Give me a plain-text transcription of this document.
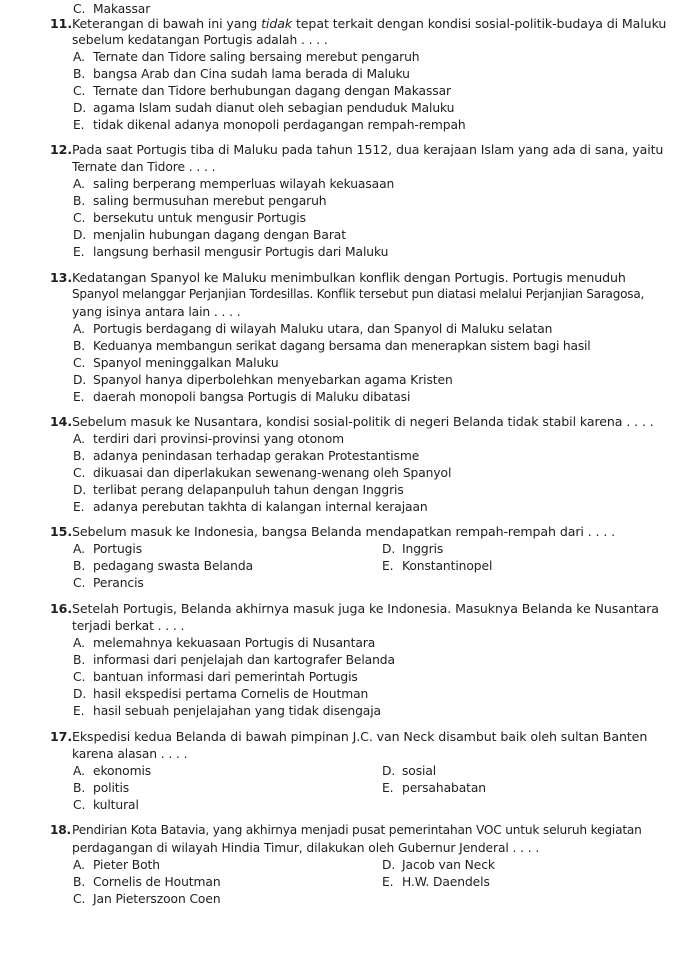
C. Makassar
11.Keterangan di bawah ini yang tidak tepat terkait dengan kondisi sosial-politik-budaya di Maluku
sebelum kedatangan Portugis adalah . . . .
A. Ternate dan Tidore saling bersaing merebut pengaruh
B. bangsa Arab dan Cina sudah lama berada di Maluku
C. Ternate dan Tidore berhubungan dagang dengan Makassar
D. agama Islam sudah dianut oleh sebagian penduduk Maluku
E. tidak dikenal adanya monopoli perdagangan rempah-rempah
12.Pada saat Portugis tiba di Maluku pada tahun 1512, dua kerajaan Islam yang ada di sana, yaitu
Ternate dan Tidore . . . .
A. saling berperang memperluas wilayah kekuasaan
B. saling bermusuhan merebut pengaruh
C. bersekutu untuk mengusir Portugis
D. menjalin hubungan dagang dengan Barat
E. langsung berhasil mengusir Portugis dari Maluku
13.Kedatangan Spanyol ke Maluku menimbulkan konflik dengan Portugis. Portugis menuduh
Spanyol melanggar Perjanjian Tordesillas. Konflik tersebut pun diatasi melalui Perjanjian Saragosa,
yang isinya antara lain . . . .
A. Portugis berdagang di wilayah Maluku utara, dan Spanyol di Maluku selatan
B. Keduanya membangun serikat dagang bersama dan menerapkan sistem bagi hasil
C. Spanyol meninggalkan Maluku
D. Spanyol hanya diperbolehkan menyebarkan agama Kristen
E. daerah monopoli bangsa Portugis di Maluku dibatasi
14.Sebelum masuk ke Nusantara, kondisi sosial-politik di negeri Belanda tidak stabil karena . . . .
A. terdiri dari provinsi-provinsi yang otonom
B. adanya penindasan terhadap gerakan Protestantisme
C. dikuasai dan diperlakukan sewenang-wenang oleh Spanyol
D. terlibat perang delapanpuluh tahun dengan Inggris
E. adanya perebutan takhta di kalangan internal kerajaan
15.Sebelum masuk ke Indonesia, bangsa Belanda mendapatkan rempah-rempah dari . . . .
A. Portugis
B. pedagang swasta Belanda
C. Perancis
D. Inggris
E. Konstantinopel
16.Setelah Portugis, Belanda akhirnya masuk juga ke Indonesia. Masuknya Belanda ke Nusantara
terjadi berkat . . . .
A. melemahnya kekuasaan Portugis di Nusantara
B. informasi dari penjelajah dan kartografer Belanda
C. bantuan informasi dari pemerintah Portugis
D. hasil ekspedisi pertama Cornelis de Houtman
E. hasil sebuah penjelajahan yang tidak disengaja
17.Ekspedisi kedua Belanda di bawah pimpinan J.C. van Neck disambut baik oleh sultan Banten
karena alasan . . . .
A. ekonomis
B. politis
C. kultural
D. sosial
E. persahabatan
18.Pendirian Kota Batavia, yang akhirnya menjadi pusat pemerintahan VOC untuk seluruh kegiatan
perdagangan di wilayah Hindia Timur, dilakukan oleh Gubernur Jenderal . . . .
A. Pieter Both
B. Cornelis de Houtman
C. Jan Pieterszoon Coen
D. Jacob van Neck
E. H.W. Daendels
